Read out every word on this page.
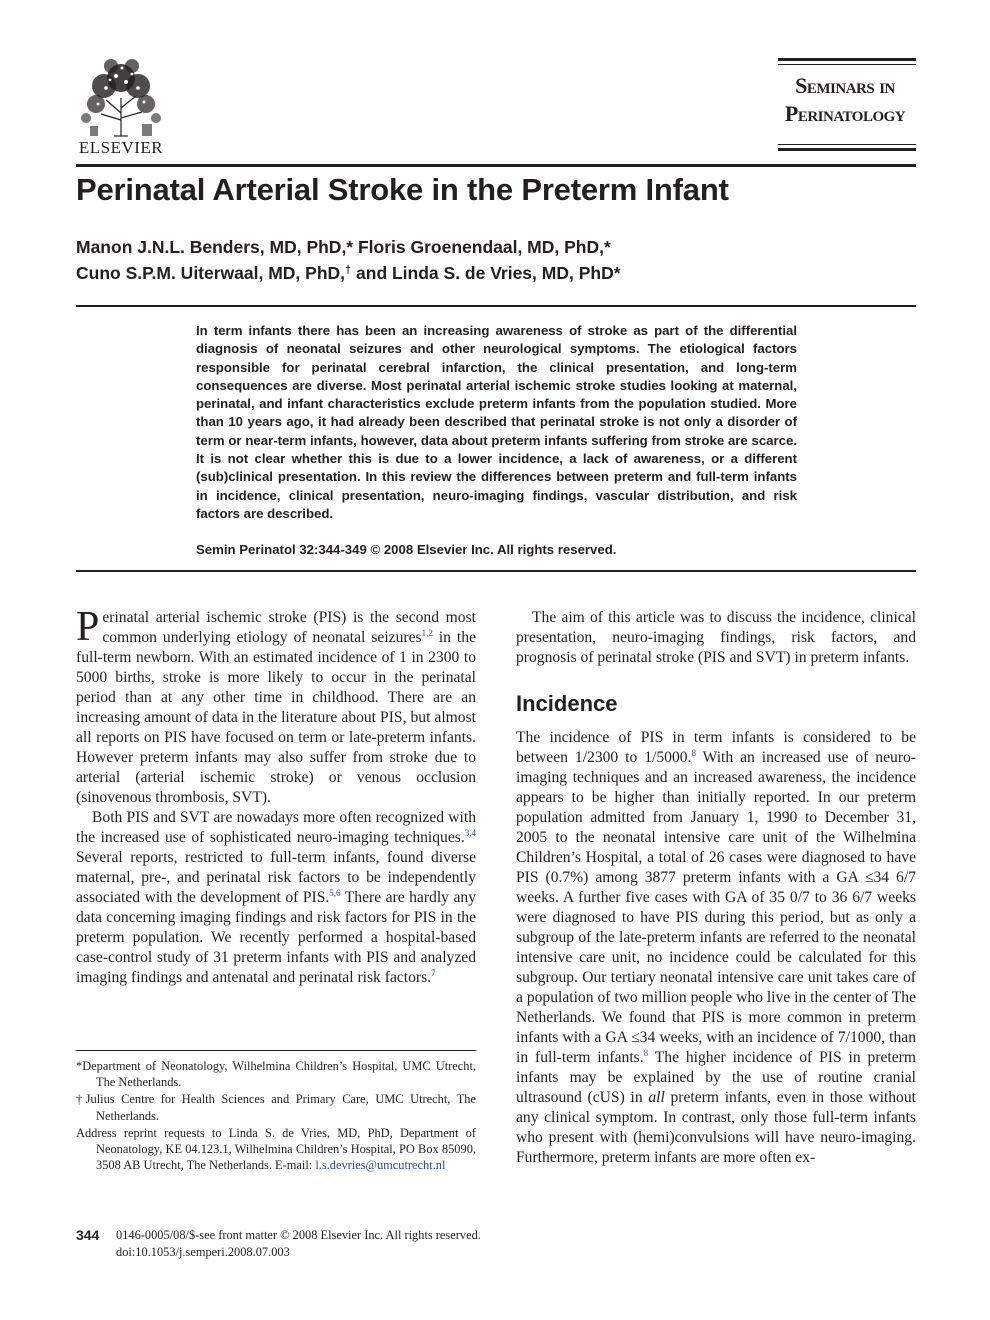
ELSEVIER
Seminars in
Perinatology
Perinatal Arterial Stroke in the Preterm Infant
Manon J.N.L. Benders, MD, PhD,* Floris Groenendaal, MD, PhD,*
Cuno S.P.M. Uiterwaal, MD, PhD,† and Linda S. de Vries, MD, PhD*

In term infants there has been an increasing awareness of stroke as part of the differential diagnosis of neonatal seizures and other neurological symptoms. The etiological factors responsible for perinatal cerebral infarction, the clinical presentation, and long-term consequences are diverse. Most perinatal arterial ischemic stroke studies looking at maternal, perinatal, and infant characteristics exclude preterm infants from the population studied. More than 10 years ago, it had already been described that perinatal stroke is not only a disorder of term or near-term infants, however, data about preterm infants suffering from stroke are scarce. It is not clear whether this is due to a lower incidence, a lack of awareness, or a different (sub)clinical presentation. In this review the differences between preterm and full-term infants in incidence, clinical presentation, neuro-imaging findings, vascular distribution, and risk factors are described.

Semin Perinatol 32:344-349 © 2008 Elsevier Inc. All rights reserved.

Perinatal arterial ischemic stroke (PIS) is the second most common underlying etiology of neonatal seizures$^{1,2}$ in the full-term newborn. With an estimated incidence of 1 in 2300 to 5000 births, stroke is more likely to occur in the perinatal period than at any other time in childhood. There are an increasing amount of data in the literature about PIS, but almost all reports on PIS have focused on term or late-preterm infants. However preterm infants may also suffer from stroke due to arterial (arterial ischemic stroke) or venous occlusion (sinovenous thrombosis, SVT).

Both PIS and SVT are nowadays more often recognized with the increased use of sophisticated neuro-imaging techniques.$^{3,4}$ Several reports, restricted to full-term infants, found diverse maternal, pre-, and perinatal risk factors to be independently associated with the development of PIS.$^{5,6}$ There are hardly any data concerning imaging findings and risk factors for PIS in the preterm population. We recently performed a hospital-based case-control study of 31 preterm infants with PIS and analyzed imaging findings and antenatal and perinatal risk factors.$^7$

*Department of Neonatology, Wilhelmina Children’s Hospital, UMC Utrecht, The Netherlands.

†Julius Centre for Health Sciences and Primary Care, UMC Utrecht, The Netherlands.

Address reprint requests to Linda S. de Vries, MD, PhD, Department of Neonatology, KE 04.123.1, Wilhelmina Children’s Hospital, PO Box 85090, 3508 AB Utrecht, The Netherlands. E-mail: l.s.devries@umcutrecht.nl

The aim of this article was to discuss the incidence, clinical presentation, neuro-imaging findings, risk factors, and prognosis of perinatal stroke (PIS and SVT) in preterm infants.

Incidence

The incidence of PIS in term infants is considered to be between 1/2300 to 1/5000.$^8$ With an increased use of neuro-imaging techniques and an increased awareness, the incidence appears to be higher than initially reported. In our preterm population admitted from January 1, 1990 to December 31, 2005 to the neonatal intensive care unit of the Wilhelmina Children’s Hospital, a total of 26 cases were diagnosed to have PIS (0.7%) among 3877 preterm infants with a GA ≤34 6/7 weeks. A further five cases with GA of 35 0/7 to 36 6/7 weeks were diagnosed to have PIS during this period, but as only a subgroup of the late-preterm infants are referred to the neonatal intensive care unit, no incidence could be calculated for this subgroup. Our tertiary neonatal intensive care unit takes care of a population of two million people who live in the center of The Netherlands. We found that PIS is more common in preterm infants with a GA ≤34 weeks, with an incidence of 7/1000, than in full-term infants.$^8$ The higher incidence of PIS in preterm infants may be explained by the use of routine cranial ultrasound (cUS) in all preterm infants, even in those without any clinical symptom. In contrast, only those full-term infants who present with (hemi)convulsions will have neuro-imaging. Furthermore, preterm infants are more often ex-

344 0146-0005/08/$-see front matter © 2008 Elsevier Inc. All rights reserved.
doi:10.1053/j.semperi.2008.07.003
